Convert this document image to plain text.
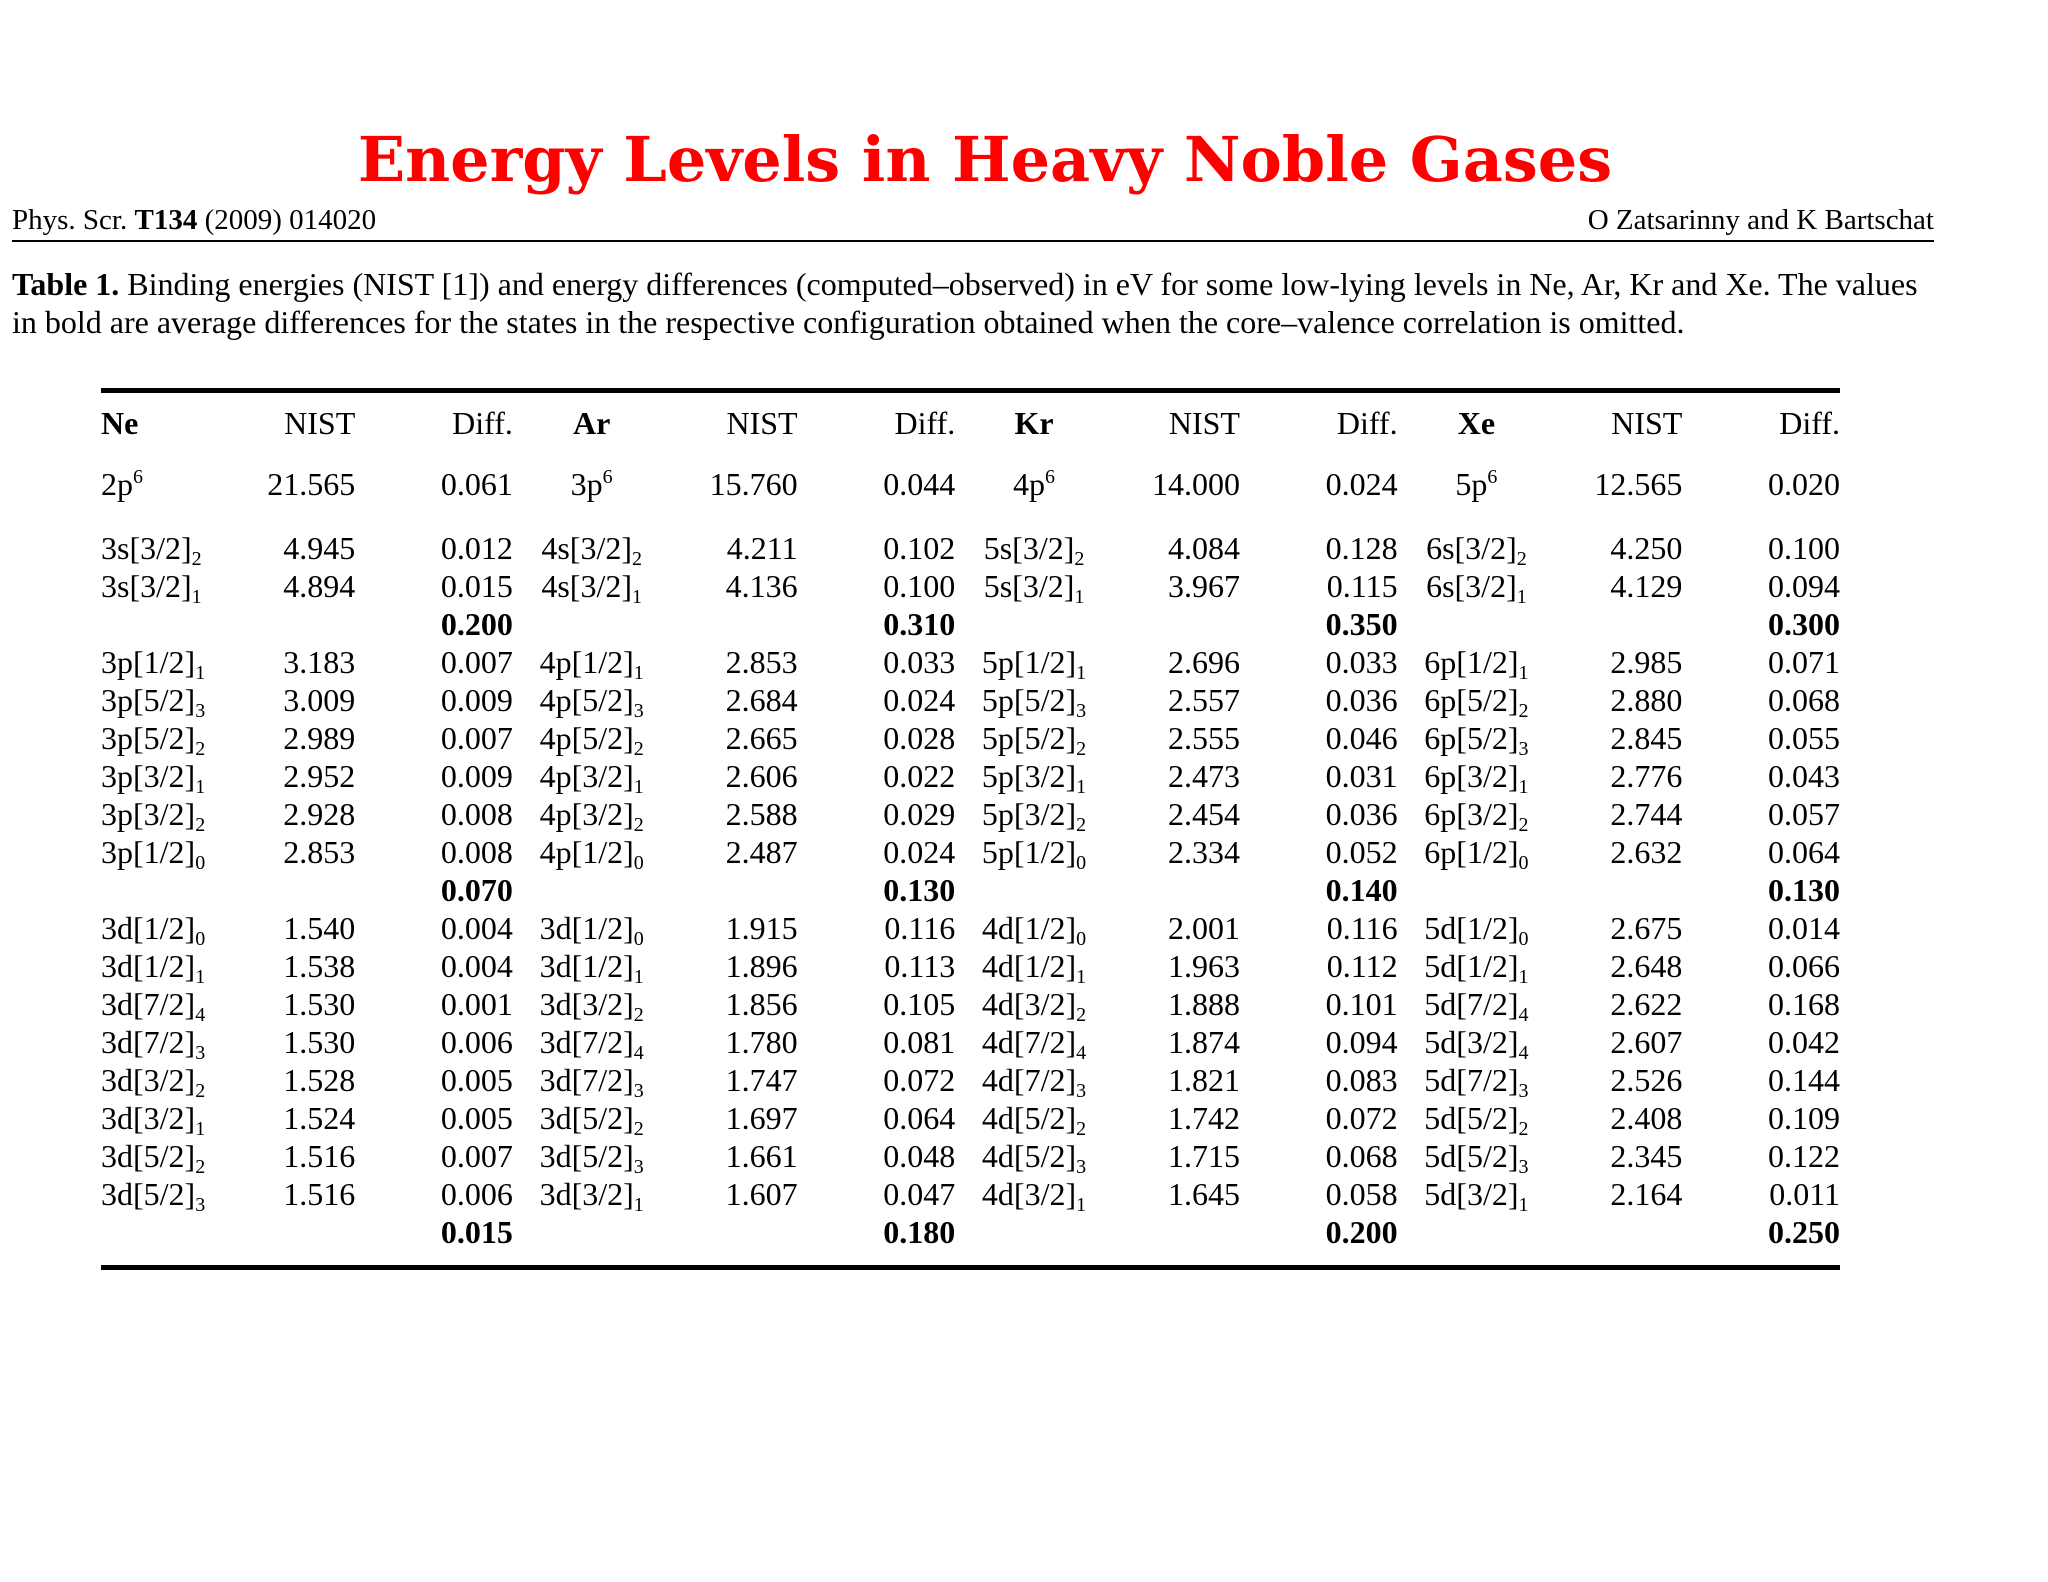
Energy Levels in Heavy Noble Gases
Phys. Scr. T134 (2009) 014020	O Zatsarinny and K Bartschat

Table 1. Binding energies (NIST [1]) and energy differences (computed–observed) in eV for some low-lying levels in Ne, Ar, Kr and Xe. The values in bold are average differences for the states in the respective configuration obtained when the core–valence correlation is omitted.

Ne	NIST	Diff.	Ar	NIST	Diff.	Kr	NIST	Diff.	Xe	NIST	Diff.
$2p^6$	21.565	0.061	$3p^6$	15.760	0.044	$4p^6$	14.000	0.024	$5p^6$	12.565	0.020

$3s[3/2]_2$	4.945	0.012	$4s[3/2]_2$	4.211	0.102	$5s[3/2]_2$	4.084	0.128	$6s[3/2]_2$	4.250	0.100
$3s[3/2]_1$	4.894	0.015	$4s[3/2]_1$	4.136	0.100	$5s[3/2]_1$	3.967	0.115	$6s[3/2]_1$	4.129	0.094
		0.200			0.310			0.350			0.300
$3p[1/2]_1$	3.183	0.007	$4p[1/2]_1$	2.853	0.033	$5p[1/2]_1$	2.696	0.033	$6p[1/2]_1$	2.985	0.071
$3p[5/2]_3$	3.009	0.009	$4p[5/2]_3$	2.684	0.024	$5p[5/2]_3$	2.557	0.036	$6p[5/2]_2$	2.880	0.068
$3p[5/2]_2$	2.989	0.007	$4p[5/2]_2$	2.665	0.028	$5p[5/2]_2$	2.555	0.046	$6p[5/2]_3$	2.845	0.055
$3p[3/2]_1$	2.952	0.009	$4p[3/2]_1$	2.606	0.022	$5p[3/2]_1$	2.473	0.031	$6p[3/2]_1$	2.776	0.043
$3p[3/2]_2$	2.928	0.008	$4p[3/2]_2$	2.588	0.029	$5p[3/2]_2$	2.454	0.036	$6p[3/2]_2$	2.744	0.057
$3p[1/2]_0$	2.853	0.008	$4p[1/2]_0$	2.487	0.024	$5p[1/2]_0$	2.334	0.052	$6p[1/2]_0$	2.632	0.064
		0.070			0.130			0.140			0.130
$3d[1/2]_0$	1.540	0.004	$3d[1/2]_0$	1.915	0.116	$4d[1/2]_0$	2.001	0.116	$5d[1/2]_0$	2.675	0.014
$3d[1/2]_1$	1.538	0.004	$3d[1/2]_1$	1.896	0.113	$4d[1/2]_1$	1.963	0.112	$5d[1/2]_1$	2.648	0.066
$3d[7/2]_4$	1.530	0.001	$3d[3/2]_2$	1.856	0.105	$4d[3/2]_2$	1.888	0.101	$5d[7/2]_4$	2.622	0.168
$3d[7/2]_3$	1.530	0.006	$3d[7/2]_4$	1.780	0.081	$4d[7/2]_4$	1.874	0.094	$5d[3/2]_4$	2.607	0.042
$3d[3/2]_2$	1.528	0.005	$3d[7/2]_3$	1.747	0.072	$4d[7/2]_3$	1.821	0.083	$5d[7/2]_3$	2.526	0.144
$3d[3/2]_1$	1.524	0.005	$3d[5/2]_2$	1.697	0.064	$4d[5/2]_2$	1.742	0.072	$5d[5/2]_2$	2.408	0.109
$3d[5/2]_2$	1.516	0.007	$3d[5/2]_3$	1.661	0.048	$4d[5/2]_3$	1.715	0.068	$5d[5/2]_3$	2.345	0.122
$3d[5/2]_3$	1.516	0.006	$3d[3/2]_1$	1.607	0.047	$4d[3/2]_1$	1.645	0.058	$5d[3/2]_1$	2.164	0.011
		0.015			0.180			0.200			0.250
